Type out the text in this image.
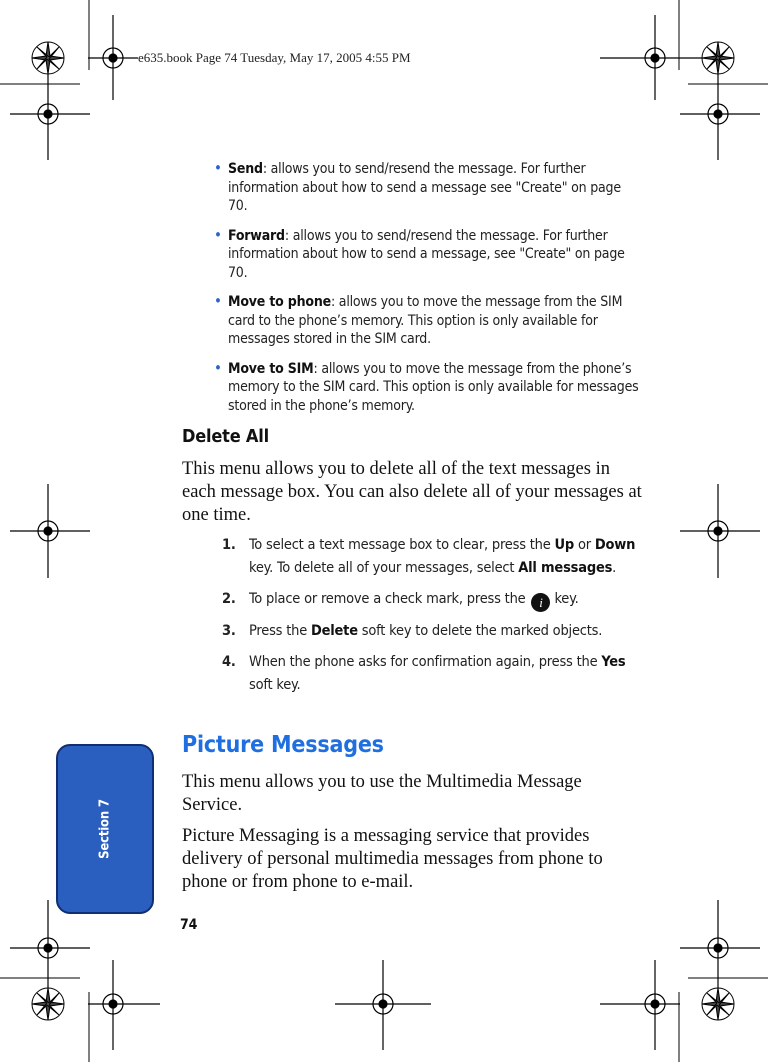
e635.book Page 74 Tuesday, May 17, 2005 4:55 PM
• Send: allows you to send/resend the message. For further information about how to send a message see "Create" on page 70.
• Forward: allows you to send/resend the message. For further information about how to send a message, see "Create" on page 70.
• Move to phone: allows you to move the message from the SIM card to the phone’s memory. This option is only available for messages stored in the SIM card.
• Move to SIM: allows you to move the message from the phone’s memory to the SIM card. This option is only available for messages stored in the phone’s memory.
Delete All
This menu allows you to delete all of the text messages in each message box. You can also delete all of your messages at one time.
1. To select a text message box to clear, press the Up or Down key. To delete all of your messages, select All messages.
2. To place or remove a check mark, press the i key.
3. Press the Delete soft key to delete the marked objects.
4. When the phone asks for confirmation again, press the Yes soft key.
Picture Messages
This menu allows you to use the Multimedia Message Service.
Picture Messaging is a messaging service that provides delivery of personal multimedia messages from phone to phone or from phone to e-mail.
Section 7
74
